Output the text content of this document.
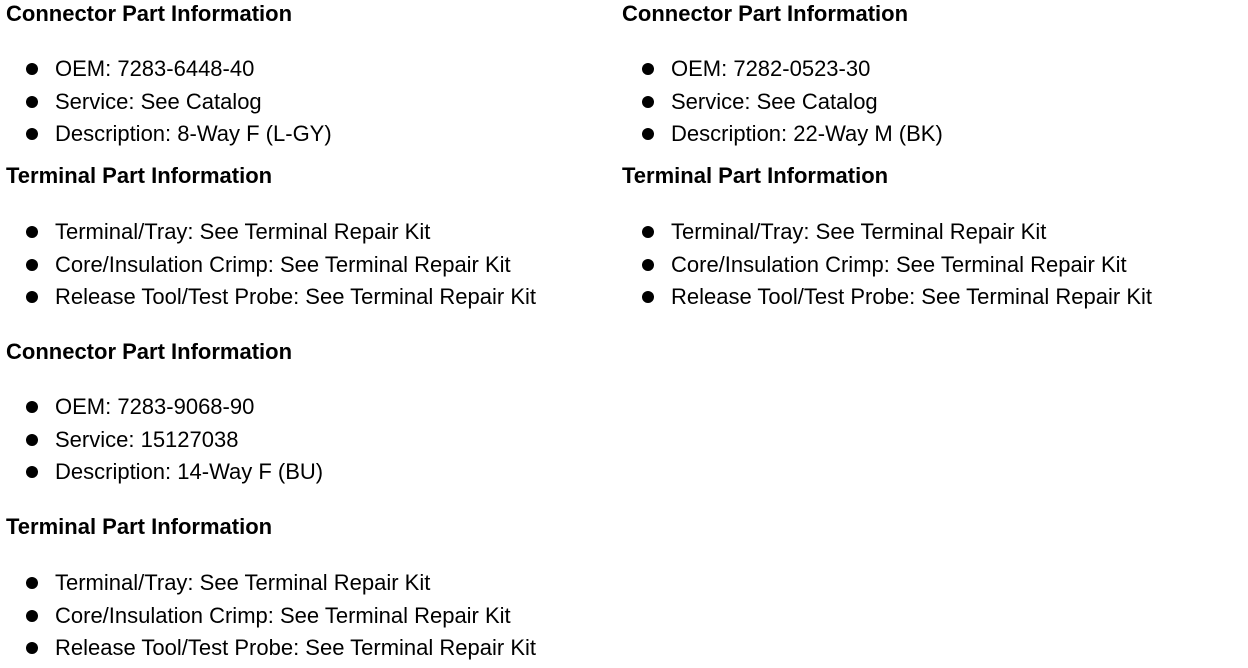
Connector Part Information
OEM: 7283-6448-40
Service: See Catalog
Description: 8-Way F (L-GY)
Terminal Part Information
Terminal/Tray: See Terminal Repair Kit
Core/Insulation Crimp: See Terminal Repair Kit
Release Tool/Test Probe: See Terminal Repair Kit
Connector Part Information
OEM: 7282-0523-30
Service: See Catalog
Description: 22-Way M (BK)
Terminal Part Information
Terminal/Tray: See Terminal Repair Kit
Core/Insulation Crimp: See Terminal Repair Kit
Release Tool/Test Probe: See Terminal Repair Kit
Connector Part Information
OEM: 7283-9068-90
Service: 15127038
Description: 14-Way F (BU)
Terminal Part Information
Terminal/Tray: See Terminal Repair Kit
Core/Insulation Crimp: See Terminal Repair Kit
Release Tool/Test Probe: See Terminal Repair Kit
